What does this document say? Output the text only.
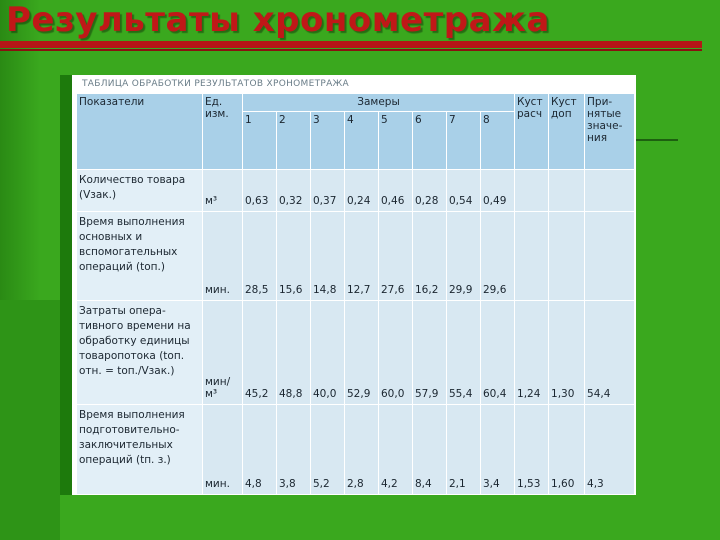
Результаты хронометража
ТАБЛИЦА ОБРАБОТКИ РЕЗУЛЬТАТОВ ХРОНОМЕТРАЖА
Показатели	Ед. изм.	Замеры								Куст расч	Куст доп	Принятые значения
		1	2	3	4	5	6	7	8			
Количество товара (Vзак.)	м³	0,63	0,32	0,37	0,24	0,46	0,28	0,54	0,49			
Время выполнения основных и вспомогательных операций (tоп.)	мин.	28,5	15,6	14,8	12,7	27,6	16,2	29,9	29,6			
Затраты оперативного времени на обработку единицы товаропотока (tоп. отн. = tоп./Vзак.)	мин/м³	45,2	48,8	40,0	52,9	60,0	57,9	55,4	60,4	1,24	1,30	54,4
Время выполнения подготовительно-заключительных операций (tп. з.)	мин.	4,8	3,8	5,2	2,8	4,2	8,4	2,1	3,4	1,53	1,60	4,3
